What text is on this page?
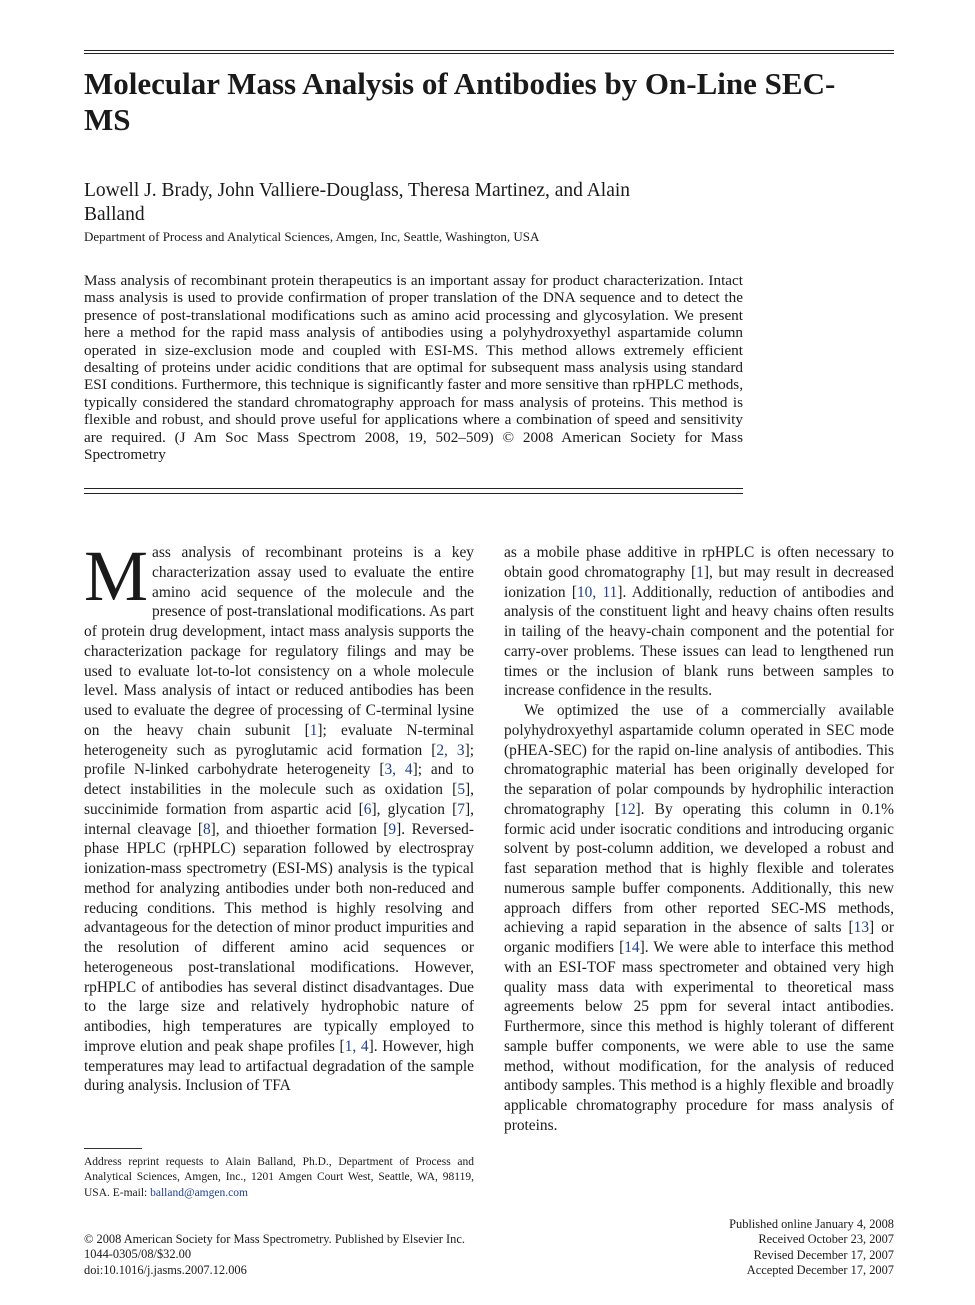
Molecular Mass Analysis of Antibodies by On-Line SEC-MS
Lowell J. Brady, John Valliere-Douglass, Theresa Martinez, and Alain Balland
Department of Process and Analytical Sciences, Amgen, Inc, Seattle, Washington, USA
Mass analysis of recombinant protein therapeutics is an important assay for product characterization. Intact mass analysis is used to provide confirmation of proper translation of the DNA sequence and to detect the presence of post-translational modifications such as amino acid processing and glycosylation. We present here a method for the rapid mass analysis of antibodies using a polyhydroxyethyl aspartamide column operated in size-exclusion mode and coupled with ESI-MS. This method allows extremely efficient desalting of proteins under acidic conditions that are optimal for subsequent mass analysis using standard ESI conditions. Furthermore, this technique is significantly faster and more sensitive than rpHPLC methods, typically considered the standard chromatography approach for mass analysis of proteins. This method is flexible and robust, and should prove useful for applications where a combination of speed and sensitivity are required. (J Am Soc Mass Spectrom 2008, 19, 502–509) © 2008 American Society for Mass Spectrometry

Mass analysis of recombinant proteins is a key characterization assay used to evaluate the entire amino acid sequence of the molecule and the presence of post-translational modifications. As part of protein drug development, intact mass analysis supports the characterization package for regulatory filings and may be used to evaluate lot-to-lot consistency on a whole molecule level. Mass analysis of intact or reduced antibodies has been used to evaluate the degree of processing of C-terminal lysine on the heavy chain subunit [1]; evaluate N-terminal heterogeneity such as pyroglutamic acid formation [2, 3]; profile N-linked carbohydrate heterogeneity [3, 4]; and to detect instabilities in the molecule such as oxidation [5], succinimide formation from aspartic acid [6], glycation [7], internal cleavage [8], and thioether formation [9]. Reversed-phase HPLC (rpHPLC) separation followed by electrospray ionization-mass spectrometry (ESI-MS) analysis is the typical method for analyzing antibodies under both non-reduced and reducing conditions. This method is highly resolving and advantageous for the detection of minor product impurities and the resolution of different amino acid sequences or heterogeneous post-translational modifications. However, rpHPLC of antibodies has several distinct disadvantages. Due to the large size and relatively hydrophobic nature of antibodies, high temperatures are typically employed to improve elution and peak shape profiles [1, 4]. However, high temperatures may lead to artifactual degradation of the sample during analysis. Inclusion of TFA

as a mobile phase additive in rpHPLC is often necessary to obtain good chromatography [1], but may result in decreased ionization [10, 11]. Additionally, reduction of antibodies and analysis of the constituent light and heavy chains often results in tailing of the heavy-chain component and the potential for carry-over problems. These issues can lead to lengthened run times or the inclusion of blank runs between samples to increase confidence in the results.

We optimized the use of a commercially available polyhydroxyethyl aspartamide column operated in SEC mode (pHEA-SEC) for the rapid on-line analysis of antibodies. This chromatographic material has been originally developed for the separation of polar compounds by hydrophilic interaction chromatography [12]. By operating this column in 0.1% formic acid under isocratic conditions and introducing organic solvent by post-column addition, we developed a robust and fast separation method that is highly flexible and tolerates numerous sample buffer components. Additionally, this new approach differs from other reported SEC-MS methods, achieving a rapid separation in the absence of salts [13] or organic modifiers [14]. We were able to interface this method with an ESI-TOF mass spectrometer and obtained very high quality mass data with experimental to theoretical mass agreements below 25 ppm for several intact antibodies. Furthermore, since this method is highly tolerant of different sample buffer components, we were able to use the same method, without modification, for the analysis of reduced antibody samples. This method is a highly flexible and broadly applicable chromatography procedure for mass analysis of proteins.

Address reprint requests to Alain Balland, Ph.D., Department of Process and Analytical Sciences, Amgen, Inc., 1201 Amgen Court West, Seattle, WA, 98119, USA. E-mail: balland@amgen.com
© 2008 American Society for Mass Spectrometry. Published by Elsevier Inc.
1044-0305/08/$32.00
doi:10.1016/j.jasms.2007.12.006
Published online January 4, 2008
Received October 23, 2007
Revised December 17, 2007
Accepted December 17, 2007
